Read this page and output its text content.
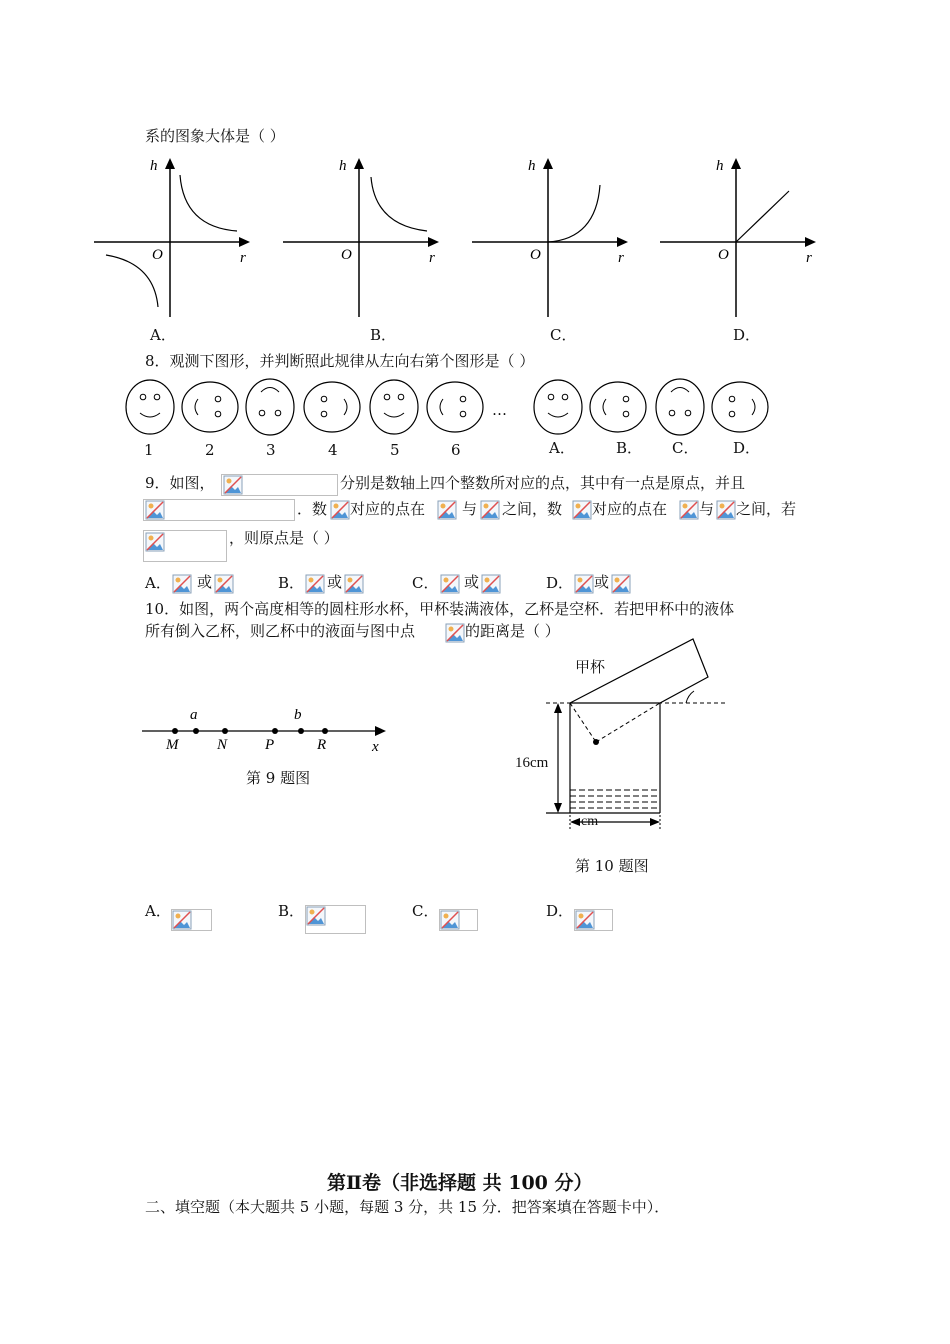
系的图象大体是（ ）
h
O	r
h
O	r
h
O	r
h
O	r
A．	B．	C．	D．
8．观测下图形，并判断照此规律从左向右第个图形是（ ）
1	2	3	4	5	6
…
A．	B． C． D．
9．如图，	分别是数轴上四个整数所对应的点，其中有一点是原点，并且
．数 对应的点在 与 之间，数 对应的点在 与 之间，若
，则原点是（ ）
A． 或	B． 或	C． 或	D． 或
10．如图，两个高度相等的圆柱形水杯，甲杯装满液体，乙杯是空杯．若把甲杯中的液体
所有倒入乙杯，则乙杯中的液面与图中点	的距离是（ ）
a	b
M	N	P	R	x
第 9 题图
甲杯
16cm
cm
第 10 题图
A．	B．	C．	D．
第Ⅱ卷（非选择题 共 100 分）
二、填空题（本大题共 5 小题，每题 3 分，共 15 分．把答案填在答题卡中）．
